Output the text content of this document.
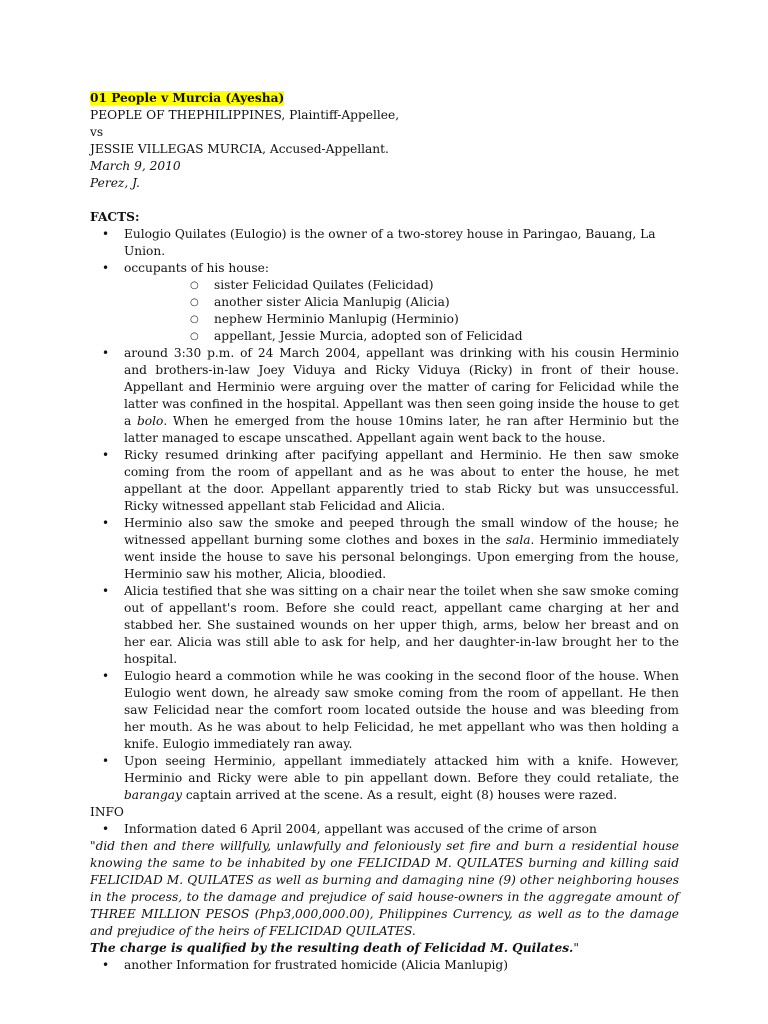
01 People v Murcia (Ayesha)
PEOPLE OF THEPHILIPPINES, Plaintiff-Appellee,
vs
JESSIE VILLEGAS MURCIA, Accused-Appellant.
March 9, 2010
Perez, J.
FACTS:
• Eulogio Quilates (Eulogio) is the owner of a two-storey house in Paringao, Bauang, La Union.
• occupants of his house:
○ sister Felicidad Quilates (Felicidad)
○ another sister Alicia Manlupig (Alicia)
○ nephew Herminio Manlupig (Herminio)
○ appellant, Jessie Murcia, adopted son of Felicidad
• around 3:30 p.m. of 24 March 2004, appellant was drinking with his cousin Herminio and brothers-in-law Joey Viduya and Ricky Viduya (Ricky) in front of their house. Appellant and Herminio were arguing over the matter of caring for Felicidad while the latter was confined in the hospital. Appellant was then seen going inside the house to get a bolo. When he emerged from the house 10mins later, he ran after Herminio but the latter managed to escape unscathed. Appellant again went back to the house.
• Ricky resumed drinking after pacifying appellant and Herminio. He then saw smoke coming from the room of appellant and as he was about to enter the house, he met appellant at the door. Appellant apparently tried to stab Ricky but was unsuccessful. Ricky witnessed appellant stab Felicidad and Alicia.
• Herminio also saw the smoke and peeped through the small window of the house; he witnessed appellant burning some clothes and boxes in the sala. Herminio immediately went inside the house to save his personal belongings. Upon emerging from the house, Herminio saw his mother, Alicia, bloodied.
• Alicia testified that she was sitting on a chair near the toilet when she saw smoke coming out of appellant's room. Before she could react, appellant came charging at her and stabbed her. She sustained wounds on her upper thigh, arms, below her breast and on her ear. Alicia was still able to ask for help, and her daughter-in-law brought her to the hospital.
• Eulogio heard a commotion while he was cooking in the second floor of the house. When Eulogio went down, he already saw smoke coming from the room of appellant. He then saw Felicidad near the comfort room located outside the house and was bleeding from her mouth. As he was about to help Felicidad, he met appellant who was then holding a knife. Eulogio immediately ran away.
• Upon seeing Herminio, appellant immediately attacked him with a knife. However, Herminio and Ricky were able to pin appellant down. Before they could retaliate, the barangay captain arrived at the scene. As a result, eight (8) houses were razed.
INFO
• Information dated 6 April 2004, appellant was accused of the crime of arson
"did then and there willfully, unlawfully and feloniously set fire and burn a residential house knowing the same to be inhabited by one FELICIDAD M. QUILATES burning and killing said FELICIDAD M. QUILATES as well as burning and damaging nine (9) other neighboring houses in the process, to the damage and prejudice of said house-owners in the aggregate amount of THREE MILLION PESOS (Php3,000,000.00), Philippines Currency, as well as to the damage and prejudice of the heirs of FELICIDAD QUILATES.
The charge is qualified by the resulting death of Felicidad M. Quilates."
• another Information for frustrated homicide (Alicia Manlupig)
